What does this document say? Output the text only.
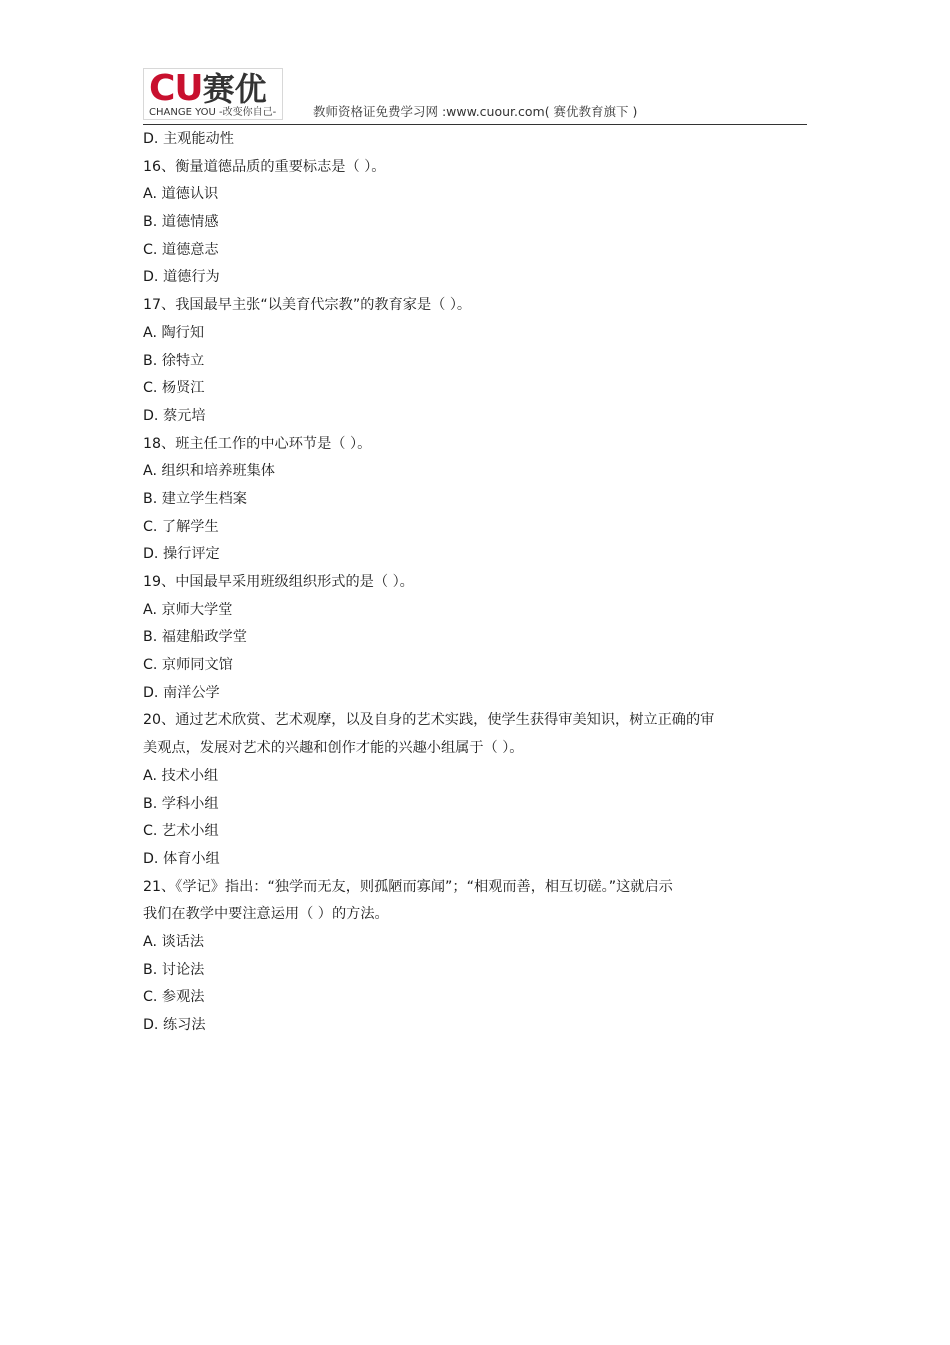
CU赛优
CHANGE YOU -改变你自己-	教师资格证免费学习网 :www.cuour.com( 赛优教育旗下 )
D. 主观能动性
16、衡量道德品质的重要标志是（ ）。
A. 道德认识
B. 道德情感
C. 道德意志
D. 道德行为
17、我国最早主张“以美育代宗教”的教育家是（ ）。
A. 陶行知
B. 徐特立
C. 杨贤江
D. 蔡元培
18、班主任工作的中心环节是（ ）。
A. 组织和培养班集体
B. 建立学生档案
C. 了解学生
D. 操行评定
19、中国最早采用班级组织形式的是（ ）。
A. 京师大学堂
B. 福建船政学堂
C. 京师同文馆
D. 南洋公学
20、通过艺术欣赏、艺术观摩，以及自身的艺术实践，使学生获得审美知识，树立正确的审
美观点，发展对艺术的兴趣和创作才能的兴趣小组属于（ ）。
A. 技术小组
B. 学科小组
C. 艺术小组
D. 体育小组
21、《学记》指出：“独学而无友，则孤陋而寡闻”；“相观而善，相互切磋。”这就启示
我们在教学中要注意运用（ ）的方法。
A. 谈话法
B. 讨论法
C. 参观法
D. 练习法
